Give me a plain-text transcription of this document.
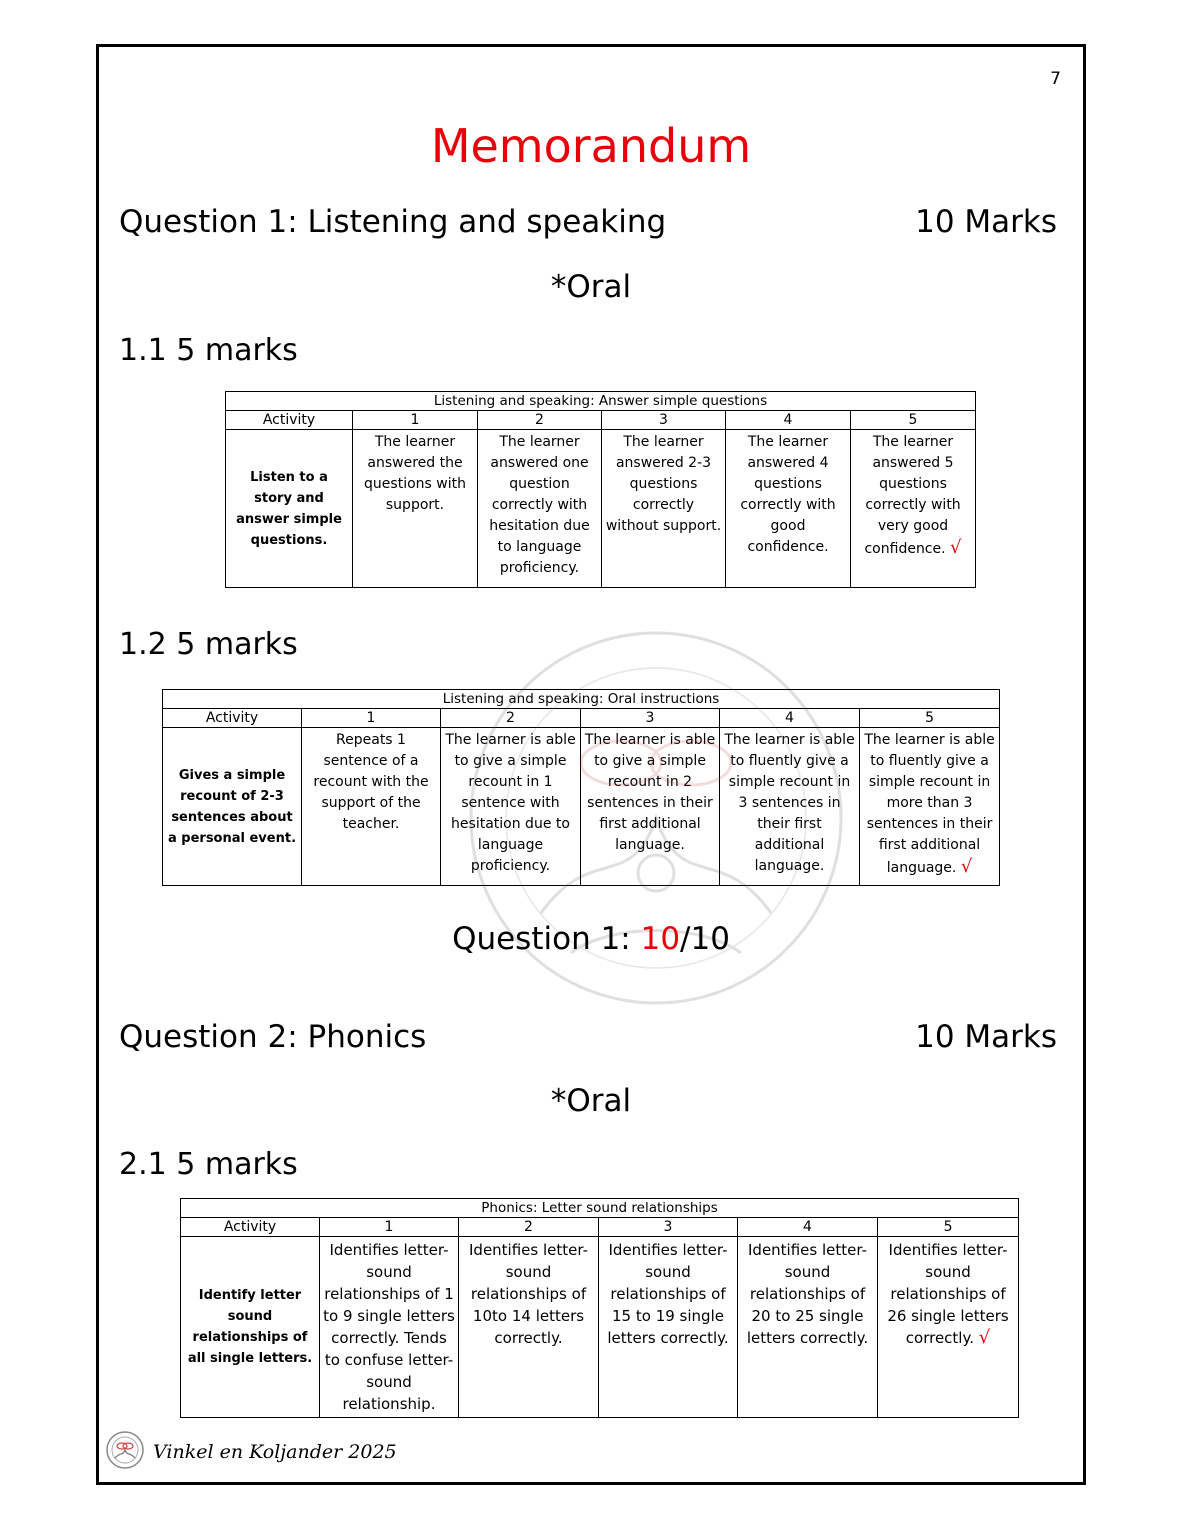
7
Memorandum
Question 1: Listening and speaking	10 Marks
*Oral
1.1 5 marks
Listening and speaking: Answer simple questions					
Activity	1	2	3	4	5
Listen to a story and answer simple questions.	The learner answered the questions with support.	The learner answered one question correctly with hesitation due to language proficiency.	The learner answered 2-3 questions correctly without support.	The learner answered 4 questions correctly with good confidence.	The learner answered 5 questions correctly with very good confidence. √
1.2 5 marks
Listening and speaking: Oral instructions					
Activity	1	2	3	4	5
Gives a simple recount of 2-3 sentences about a personal event.	Repeats 1 sentence of a recount with the support of the teacher.	The learner is able to give a simple recount in 1 sentence with hesitation due to language proficiency.	The learner is able to give a simple recount in 2 sentences in their first additional language.	The learner is able to fluently give a simple recount in 3 sentences in their first additional language.	The learner is able to fluently give a simple recount in more than 3 sentences in their first additional language. √
Question 1: 10/10
Question 2: Phonics	10 Marks
*Oral
2.1 5 marks
Phonics: Letter sound relationships					
Activity	1	2	3	4	5
Identify letter sound relationships of all single letters.	Identifies letter-sound relationships of 1 to 9 single letters correctly. Tends to confuse letter-sound relationship.	Identifies letter-sound relationships of 10to 14 letters correctly.	Identifies letter-sound relationships of 15 to 19 single letters correctly.	Identifies letter-sound relationships of 20 to 25 single letters correctly.	Identifies letter-sound relationships of 26 single letters correctly. √
Vinkel en Koljander 2025
